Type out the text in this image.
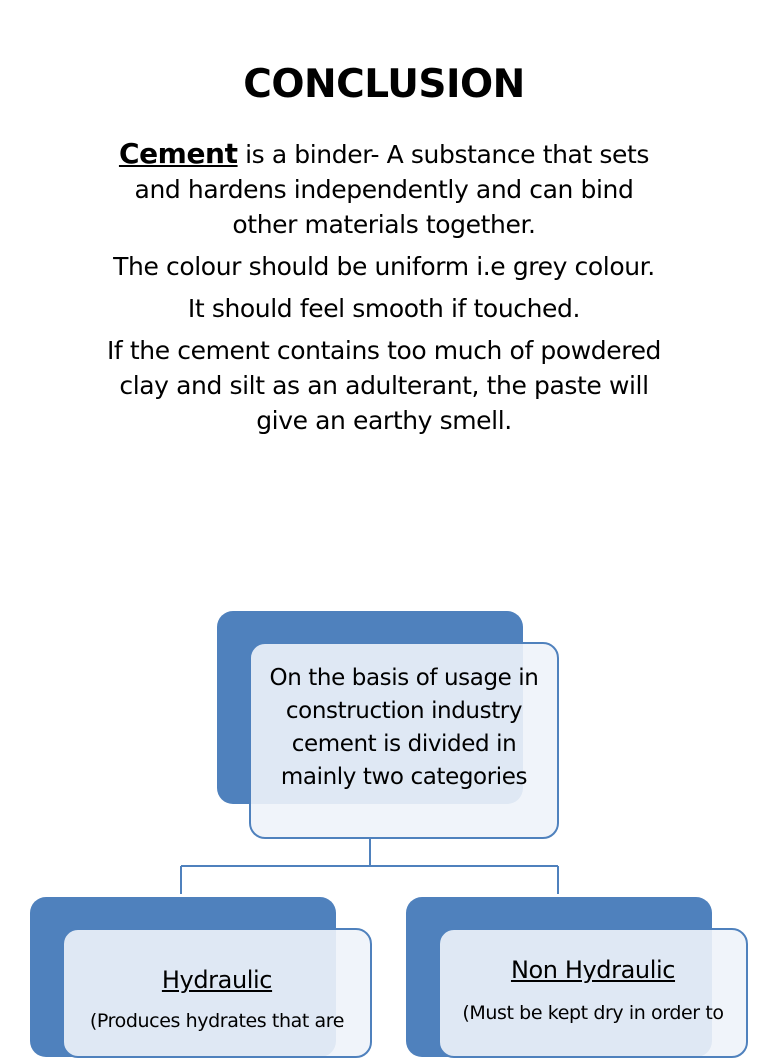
CONCLUSION

Cement is a binder- A substance that sets and hardens independently and can bind other materials together.

The colour should be uniform i.e grey colour.

It should feel smooth if touched.

If the cement contains too much of powdered clay and silt as an adulterant, the paste will give an earthy smell.

On the basis of usage in construction industry cement is divided in mainly two categories
Hydraulic
(Produces hydrates that are
Non Hydraulic
(Must be kept dry in order to
